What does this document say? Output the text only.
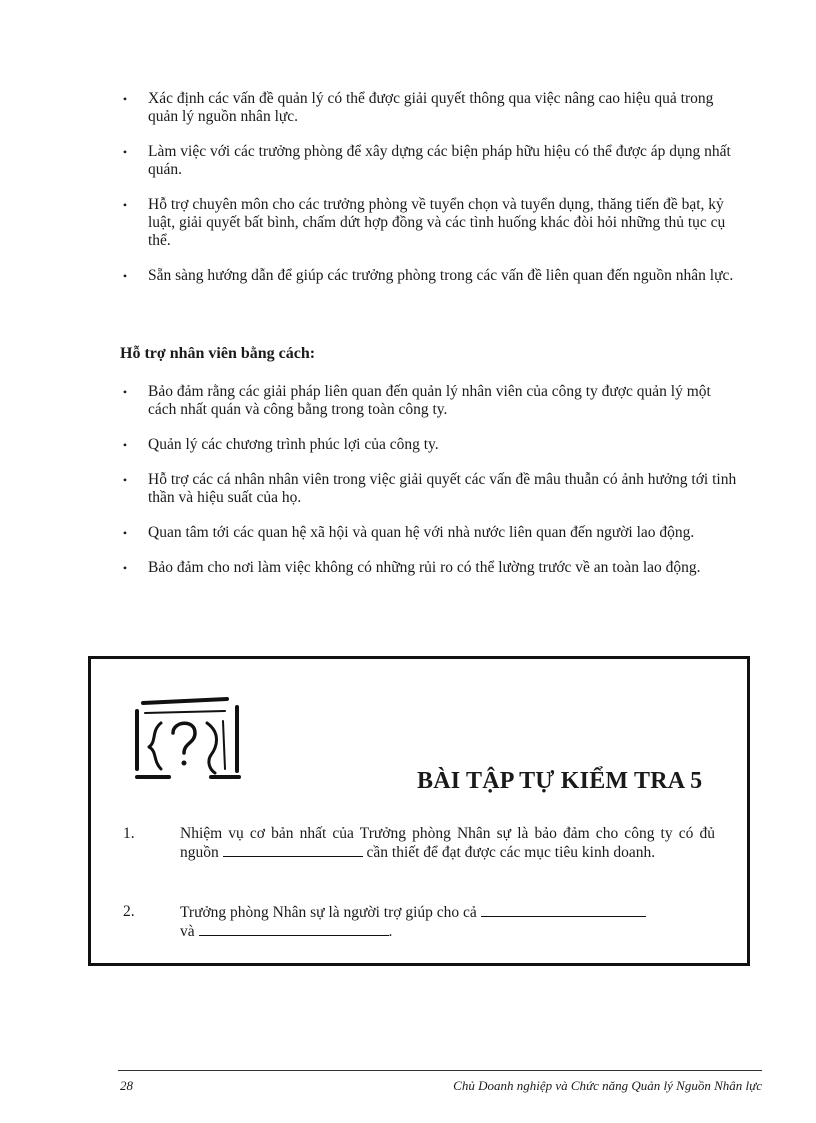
• Xác định các vấn đề quản lý có thể được giải quyết thông qua việc nâng cao hiệu quả trong quản lý nguồn nhân lực.
• Làm việc với các trưởng phòng để xây dựng các biện pháp hữu hiệu có thể được áp dụng nhất quán.
• Hỗ trợ chuyên môn cho các trưởng phòng về tuyển chọn và tuyển dụng, thăng tiến đề bạt, kỷ luật, giải quyết bất bình, chấm dứt hợp đồng và các tình huống khác đòi hỏi những thủ tục cụ thể.
• Sẵn sàng hướng dẫn để giúp các trưởng phòng trong các vấn đề liên quan đến nguồn nhân lực.
Hỗ trợ nhân viên bằng cách:
• Bảo đảm rằng các giải pháp liên quan đến quản lý nhân viên của công ty được quản lý một cách nhất quán và công bằng trong toàn công ty.
• Quản lý các chương trình phúc lợi của công ty.
• Hỗ trợ các cá nhân nhân viên trong việc giải quyết các vấn đề mâu thuẫn có ảnh hưởng tới tinh thần và hiệu suất của họ.
• Quan tâm tới các quan hệ xã hội và quan hệ với nhà nước liên quan đến người lao động.
• Bảo đảm cho nơi làm việc không có những rủi ro có thể lường trước về an toàn lao động.
BÀI TẬP TỰ KIỂM TRA 5
1.	Nhiệm vụ cơ bản nhất của Trưởng phòng Nhân sự là bảo đảm cho công ty có đủ nguồn	cần thiết để đạt được các mục tiêu kinh doanh.
2.	Trưởng phòng Nhân sự là người trợ giúp cho cả
và	.
28	Chủ Doanh nghiệp và Chức năng Quản lý Nguồn Nhân lực
